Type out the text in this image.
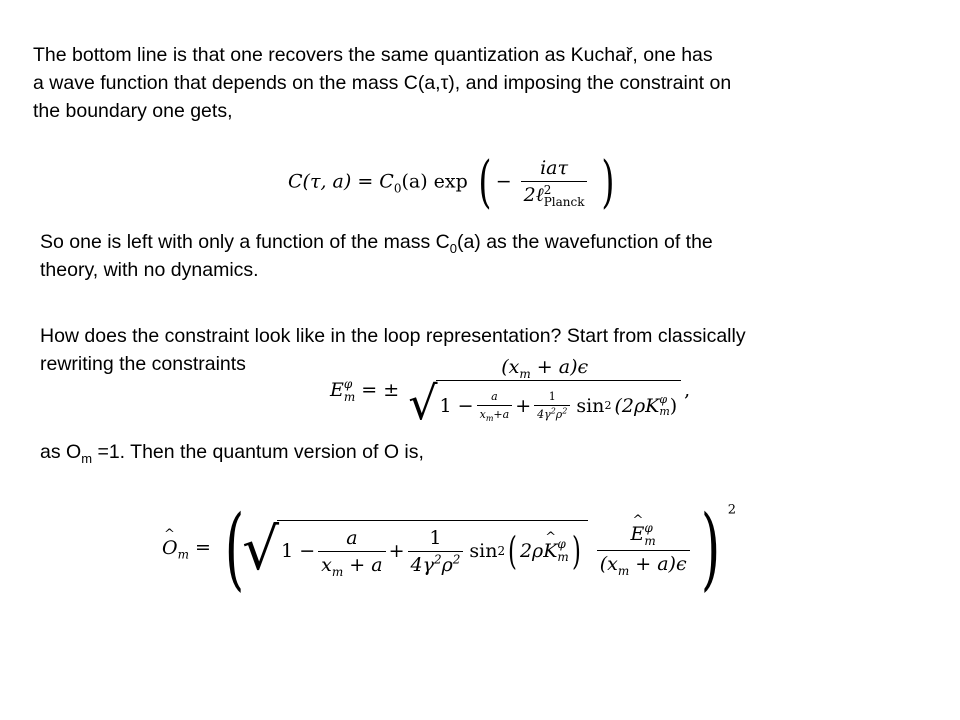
The bottom line is that one recovers the same quantization as Kuchař, one has
a wave function that depends on the mass C(a,τ), and imposing the constraint on
the boundary one gets,
C(τ, $a) = C_0(a)$ exp ( − iaτ
2ℓ 2
Planck )
So one is left with only a function of the mass $C_0(a)$ as the wavefunction of the
theory, with no dynamics.
How does the constraint look like in the loop representation? Start from classically
rewriting the constraints
E φ
m = ±
$(x_m + a)\epsilon$
√ $1 - \frac{a}{x_m+a} + \frac{1}{4\gamma^2\rho^2}$ sin 2 (2ρK φ
m )
,
as $O_m =1$. Then the quantum version of O is,
^ $O_m$ = (
√ $1 - \frac{a}{x_m + a} + \frac{1}{4\gamma^2\rho^2}$ sin 2 ( 2ρ ^ K φ
m )
^ E φ
m
$(x_m + a)\epsilon$ ) $^2$
